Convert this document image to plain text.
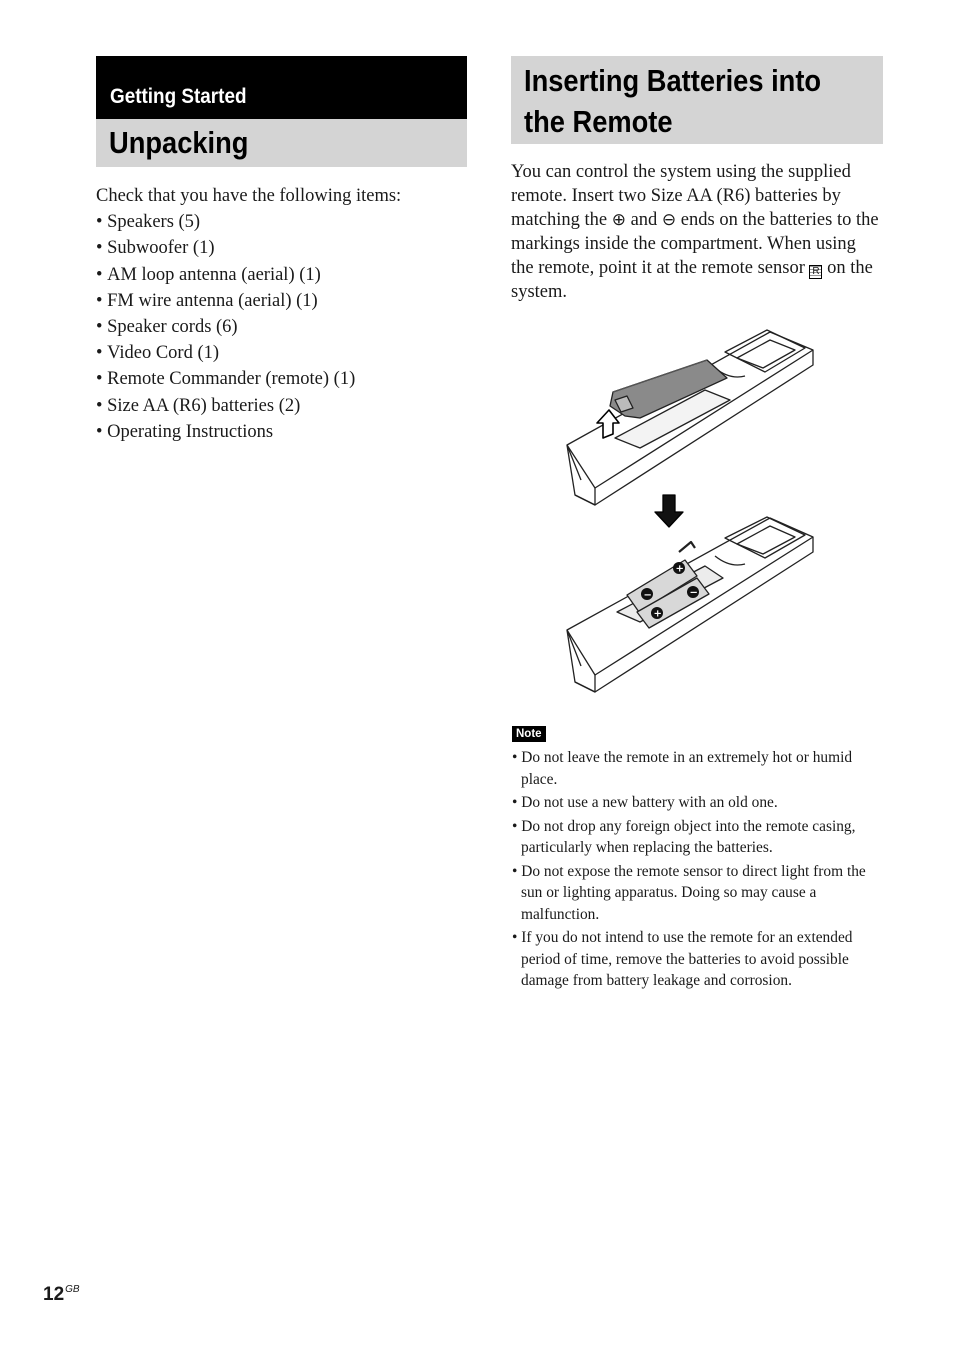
Getting Started
Unpacking
Check that you have the following items:
• Speakers (5)
• Subwoofer (1)
• AM loop antenna (aerial) (1)
• FM wire antenna (aerial) (1)
• Speaker cords (6)
• Video Cord (1)
• Remote Commander (remote) (1)
• Size AA (R6) batteries (2)
• Operating Instructions
Inserting Batteries into
the Remote

You can control the system using the supplied remote. Insert two Size AA (R6) batteries by matching the ⊕ and ⊖ ends on the batteries to the markings inside the compartment. When using the remote, point it at the remote sensor R on the system.

+
−	−
+
Note
• Do not leave the remote in an extremely hot or humid place.
• Do not use a new battery with an old one.
• Do not drop any foreign object into the remote casing, particularly when replacing the batteries.
• Do not expose the remote sensor to direct light from the sun or lighting apparatus. Doing so may cause a malfunction.
• If you do not intend to use the remote for an extended period of time, remove the batteries to avoid possible damage from battery leakage and corrosion.
$12^{GB}$
